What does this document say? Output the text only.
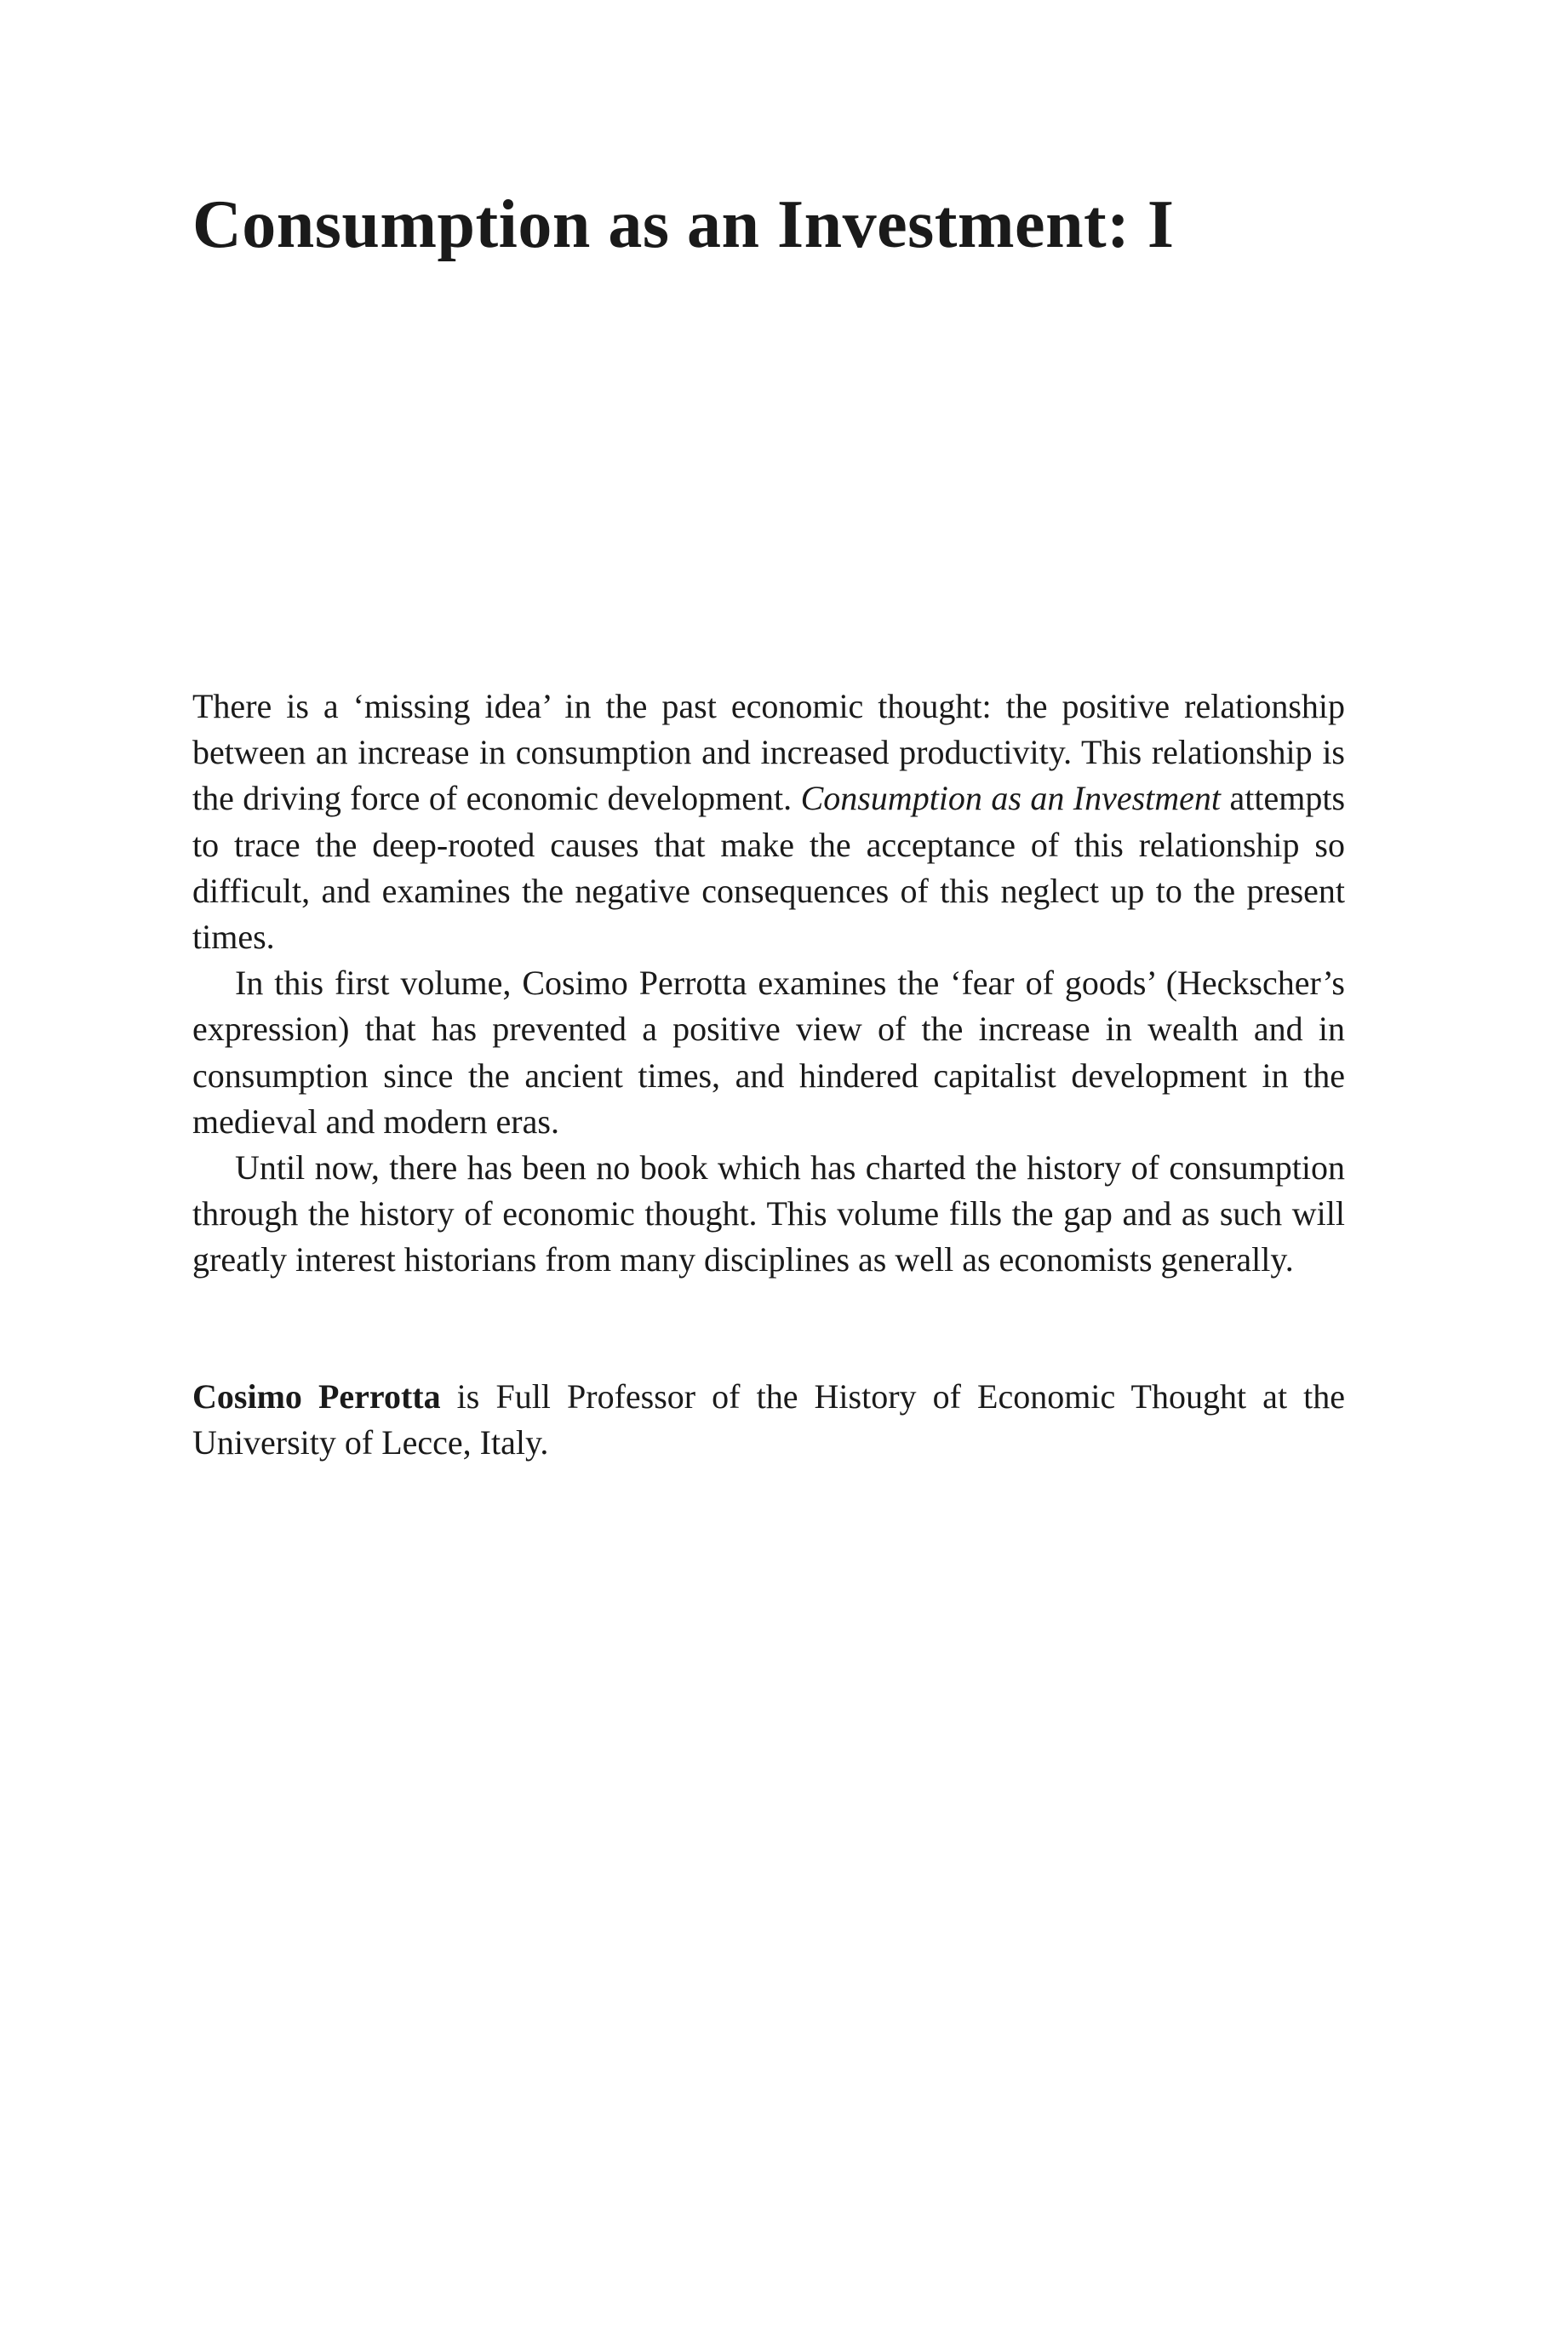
Consumption as an Investment: I

There is a ‘missing idea’ in the past economic thought: the positive relationship between an increase in consumption and increased productivity. This relationship is the driving force of economic development. Consumption as an Investment attempts to trace the deep-rooted causes that make the acceptance of this relationship so difficult, and examines the negative consequences of this neglect up to the present times.

In this first volume, Cosimo Perrotta examines the ‘fear of goods’ (Heckscher’s expression) that has prevented a positive view of the increase in wealth and in consumption since the ancient times, and hindered capitalist development in the medieval and modern eras.

Until now, there has been no book which has charted the history of consumption through the history of economic thought. This volume fills the gap and as such will greatly interest historians from many disciplines as well as economists generally.

Cosimo Perrotta is Full Professor of the History of Economic Thought at the University of Lecce, Italy.
